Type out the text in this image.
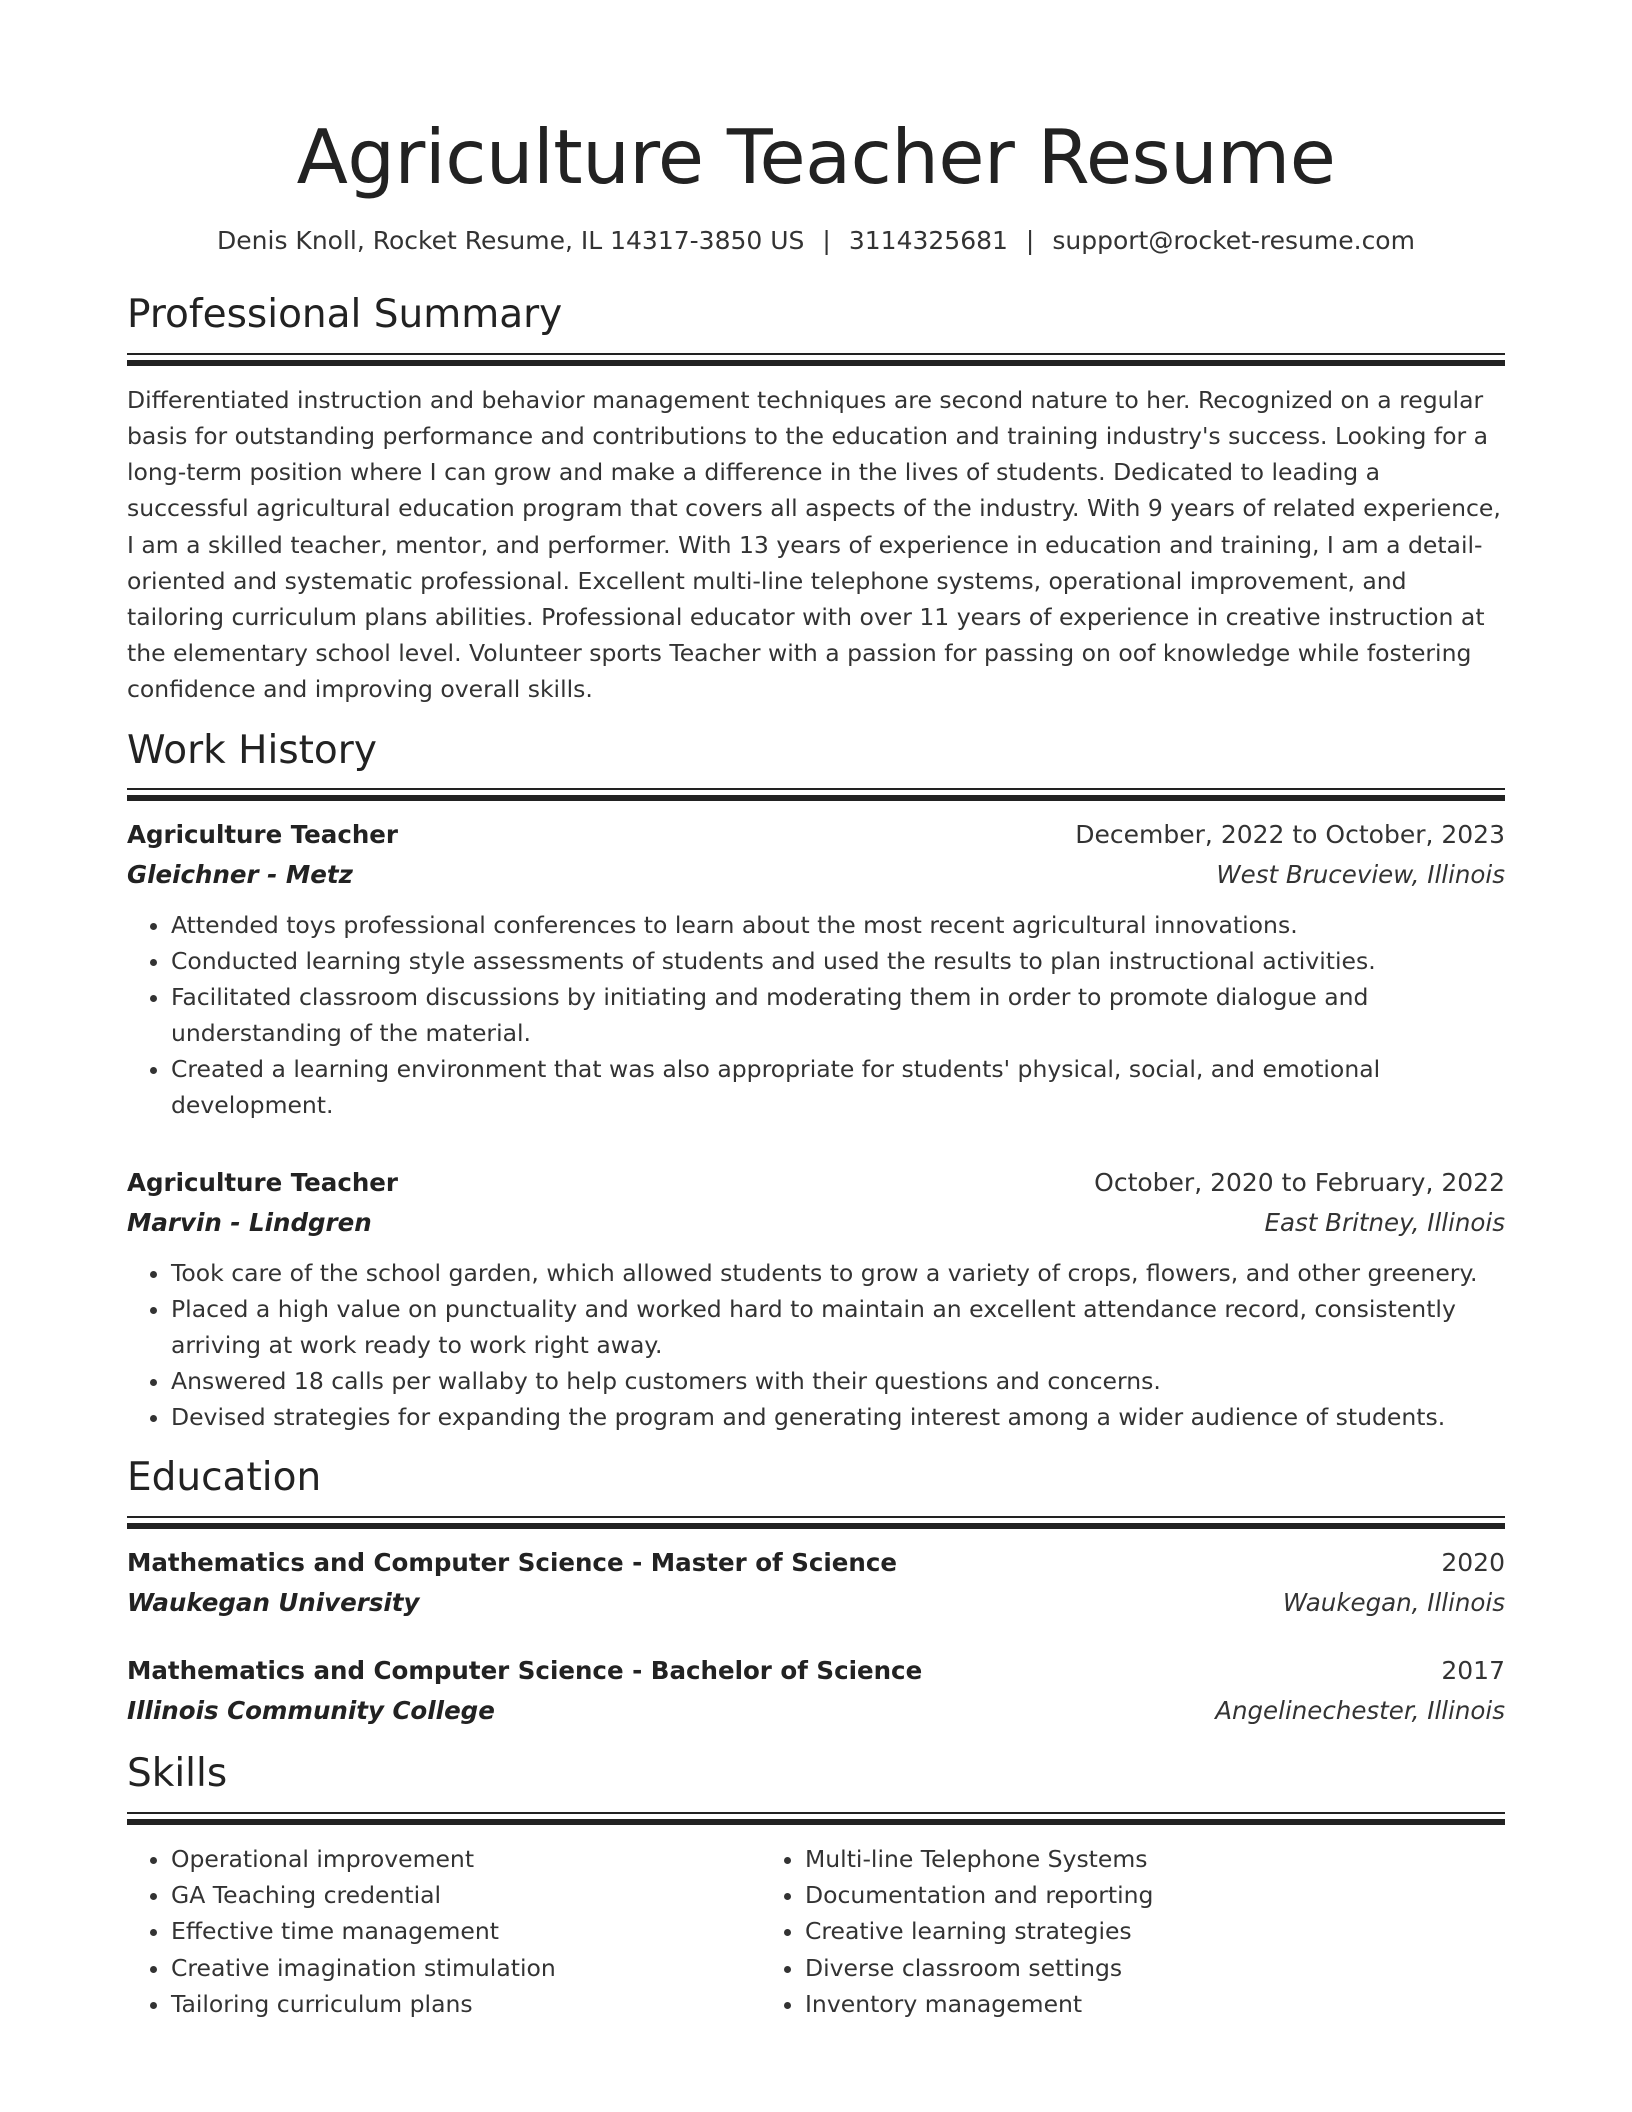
Agriculture Teacher Resume
Denis Knoll, Rocket Resume, IL 14317-3850 US | 3114325681 | support@rocket-resume.com
Professional Summary
Differentiated instruction and behavior management techniques are second nature to her. Recognized on a regular basis for outstanding performance and contributions to the education and training industry's success. Looking for a long-term position where I can grow and make a difference in the lives of students. Dedicated to leading a successful agricultural education program that covers all aspects of the industry. With 9 years of related experience, I am a skilled teacher, mentor, and performer. With 13 years of experience in education and training, I am a detail-oriented and systematic professional. Excellent multi-line telephone systems, operational improvement, and tailoring curriculum plans abilities. Professional educator with over 11 years of experience in creative instruction at the elementary school level. Volunteer sports Teacher with a passion for passing on oof knowledge while fostering confidence and improving overall skills.
Work History
Agriculture Teacher	December, 2022 to October, 2023
Gleichner - Metz	West Bruceview, Illinois
• Attended toys professional conferences to learn about the most recent agricultural innovations.
• Conducted learning style assessments of students and used the results to plan instructional activities.
• Facilitated classroom discussions by initiating and moderating them in order to promote dialogue and understanding of the material.
• Created a learning environment that was also appropriate for students' physical, social, and emotional development.
Agriculture Teacher	October, 2020 to February, 2022
Marvin - Lindgren	East Britney, Illinois
• Took care of the school garden, which allowed students to grow a variety of crops, flowers, and other greenery.
• Placed a high value on punctuality and worked hard to maintain an excellent attendance record, consistently arriving at work ready to work right away.
• Answered 18 calls per wallaby to help customers with their questions and concerns.
• Devised strategies for expanding the program and generating interest among a wider audience of students.
Education
Mathematics and Computer Science - Master of Science	2020
Waukegan University	Waukegan, Illinois
Mathematics and Computer Science - Bachelor of Science	2017
Illinois Community College	Angelinechester, Illinois
Skills
• Operational improvement
• GA Teaching credential
• Effective time management
• Creative imagination stimulation
• Tailoring curriculum plans
• Multi-line Telephone Systems
• Documentation and reporting
• Creative learning strategies
• Diverse classroom settings
• Inventory management
